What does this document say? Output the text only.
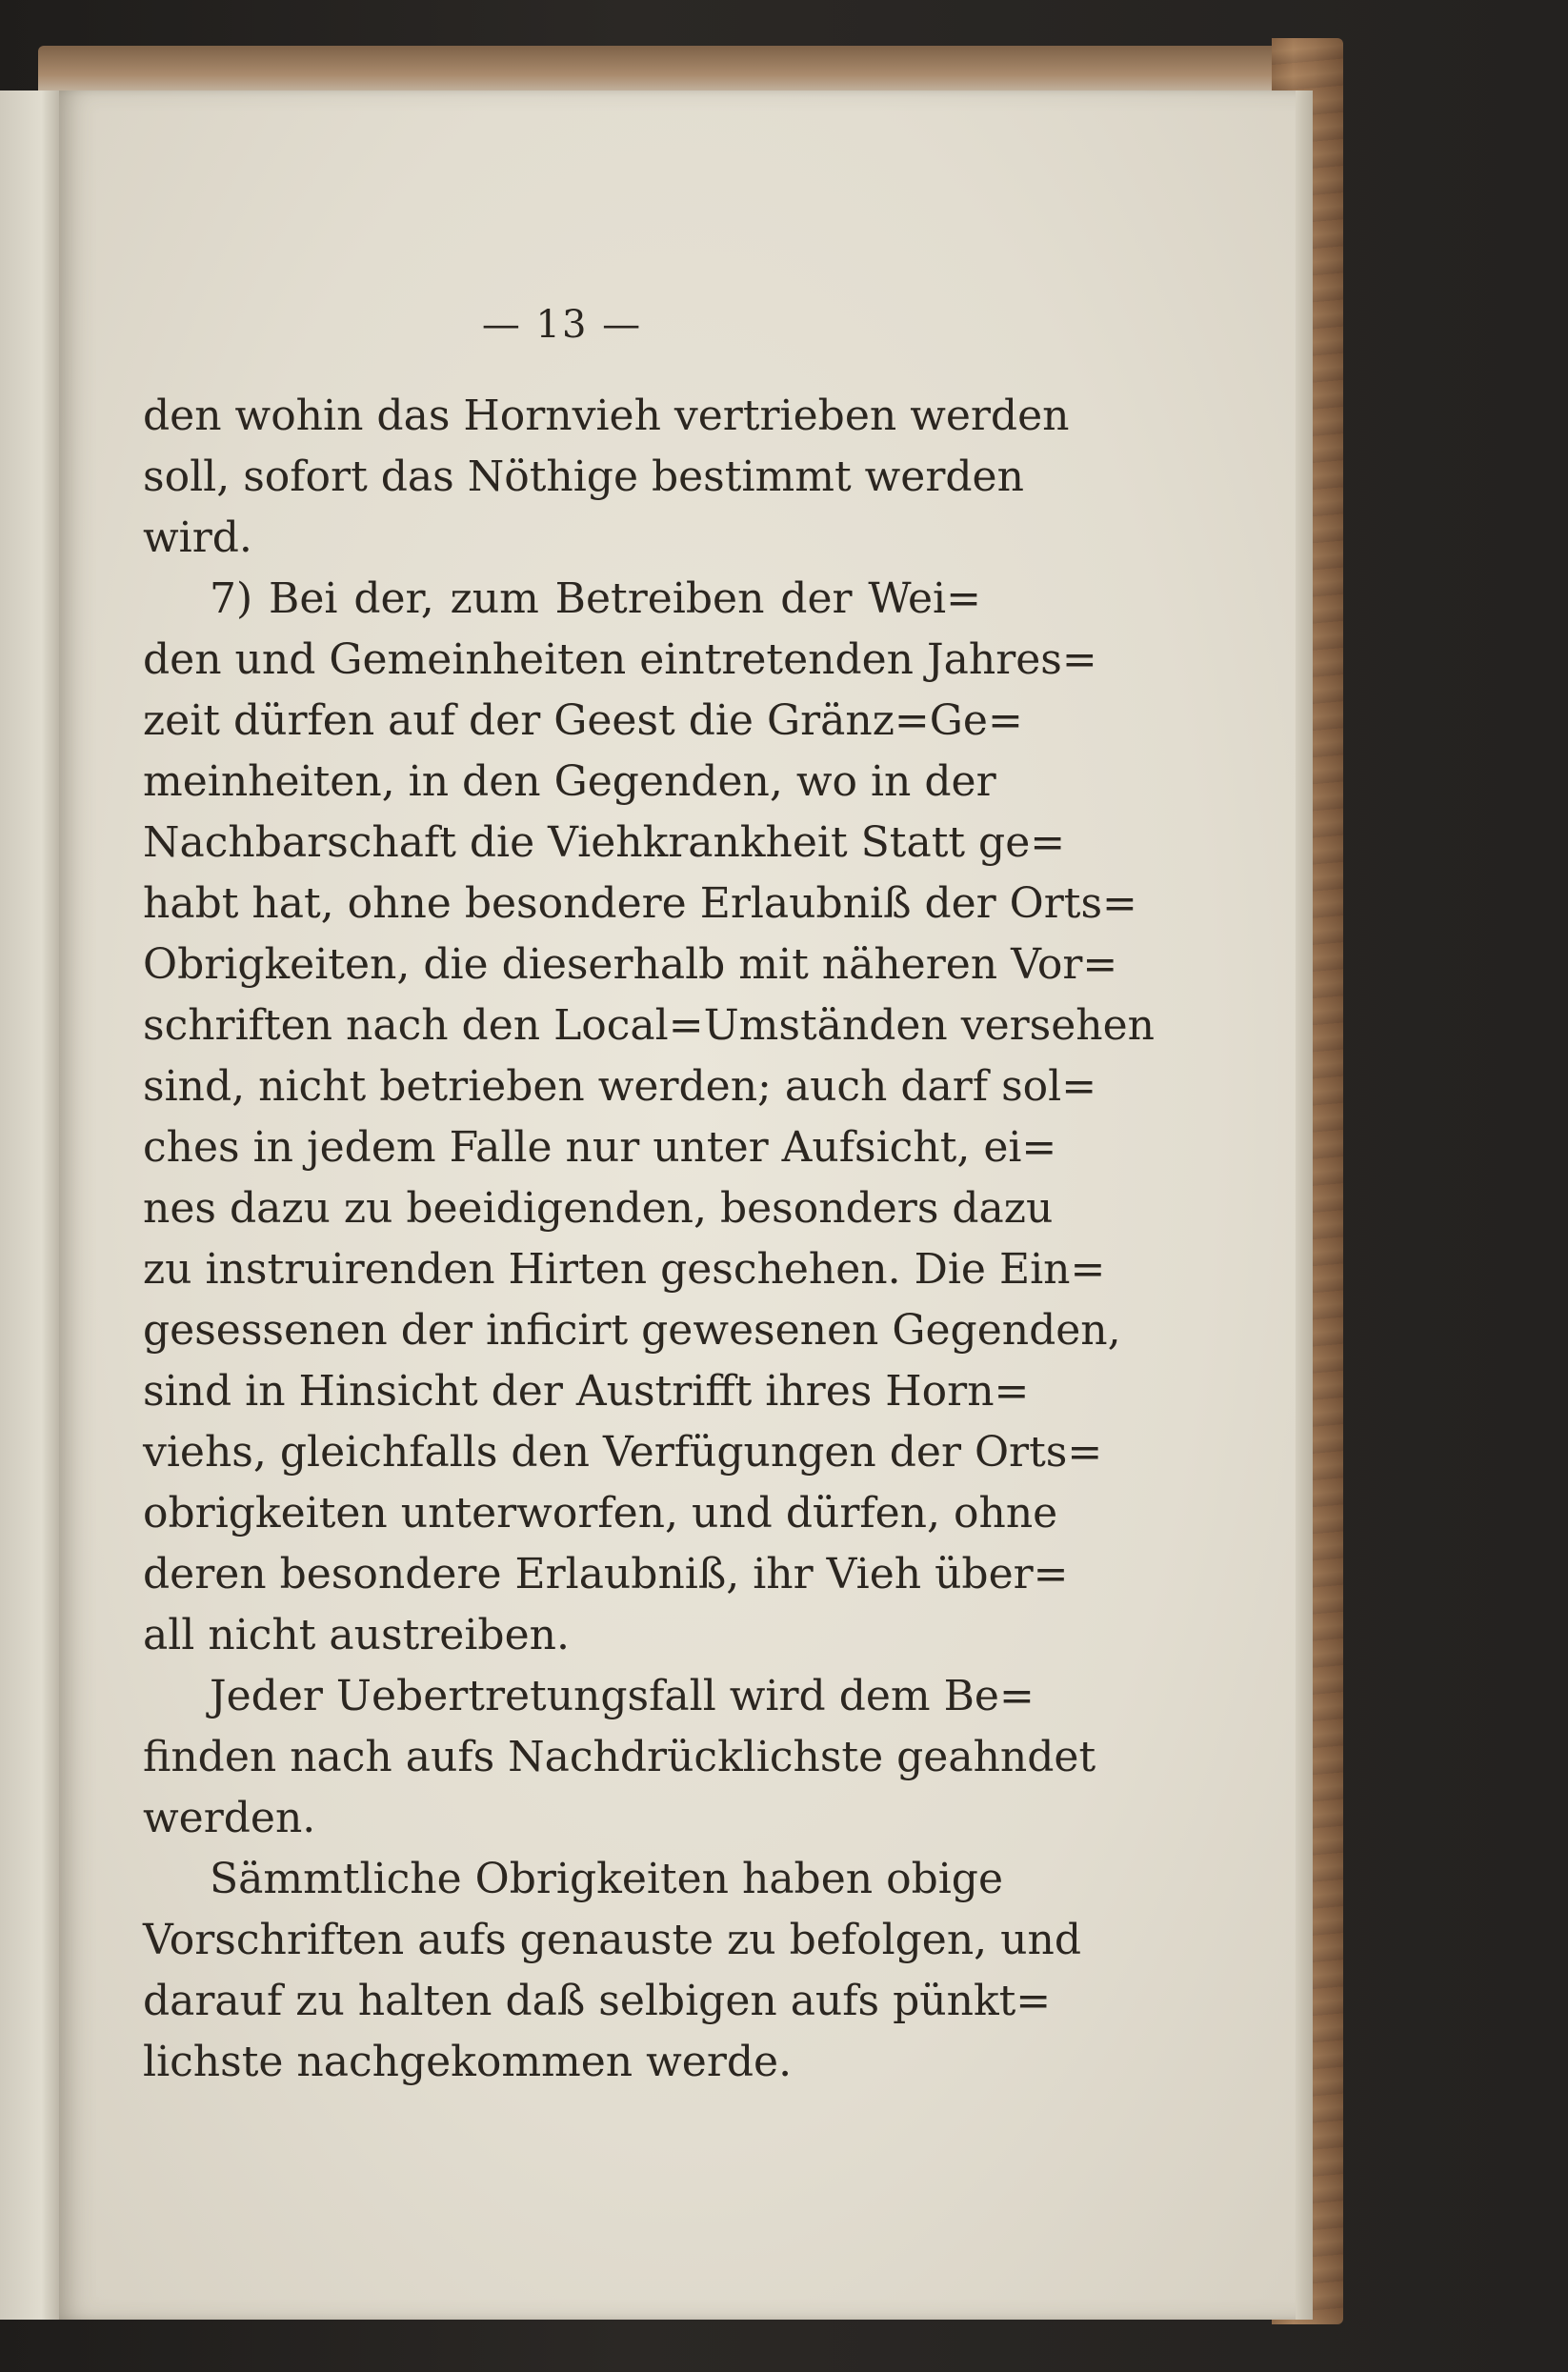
— 13 —
den wohin das Hornvieh vertrieben werden
soll, sofort das Nöthige bestimmt werden
wird.
7) Bei der, zum Betreiben der Wei=
den und Gemeinheiten eintretenden Jahres=
zeit dürfen auf der Geest die Gränz=Ge=
meinheiten, in den Gegenden, wo in der
Nachbarschaft die Viehkrankheit Statt ge=
habt hat, ohne besondere Erlaubniß der Orts=
Obrigkeiten, die dieserhalb mit näheren Vor=
schriften nach den Local=Umständen versehen
sind, nicht betrieben werden; auch darf sol=
ches in jedem Falle nur unter Aufsicht, ei=
nes dazu zu beeidigenden, besonders dazu
zu instruirenden Hirten geschehen. Die Ein=
gesessenen der inficirt gewesenen Gegenden,
sind in Hinsicht der Austrifft ihres Horn=
viehs, gleichfalls den Verfügungen der Orts=
obrigkeiten unterworfen, und dürfen, ohne
deren besondere Erlaubniß, ihr Vieh über=
all nicht austreiben.
Jeder Uebertretungsfall wird dem Be=
finden nach aufs Nachdrücklichste geahndet
werden.
Sämmtliche Obrigkeiten haben obige
Vorschriften aufs genauste zu befolgen, und
darauf zu halten daß selbigen aufs pünkt=
lichste nachgekommen werde.
